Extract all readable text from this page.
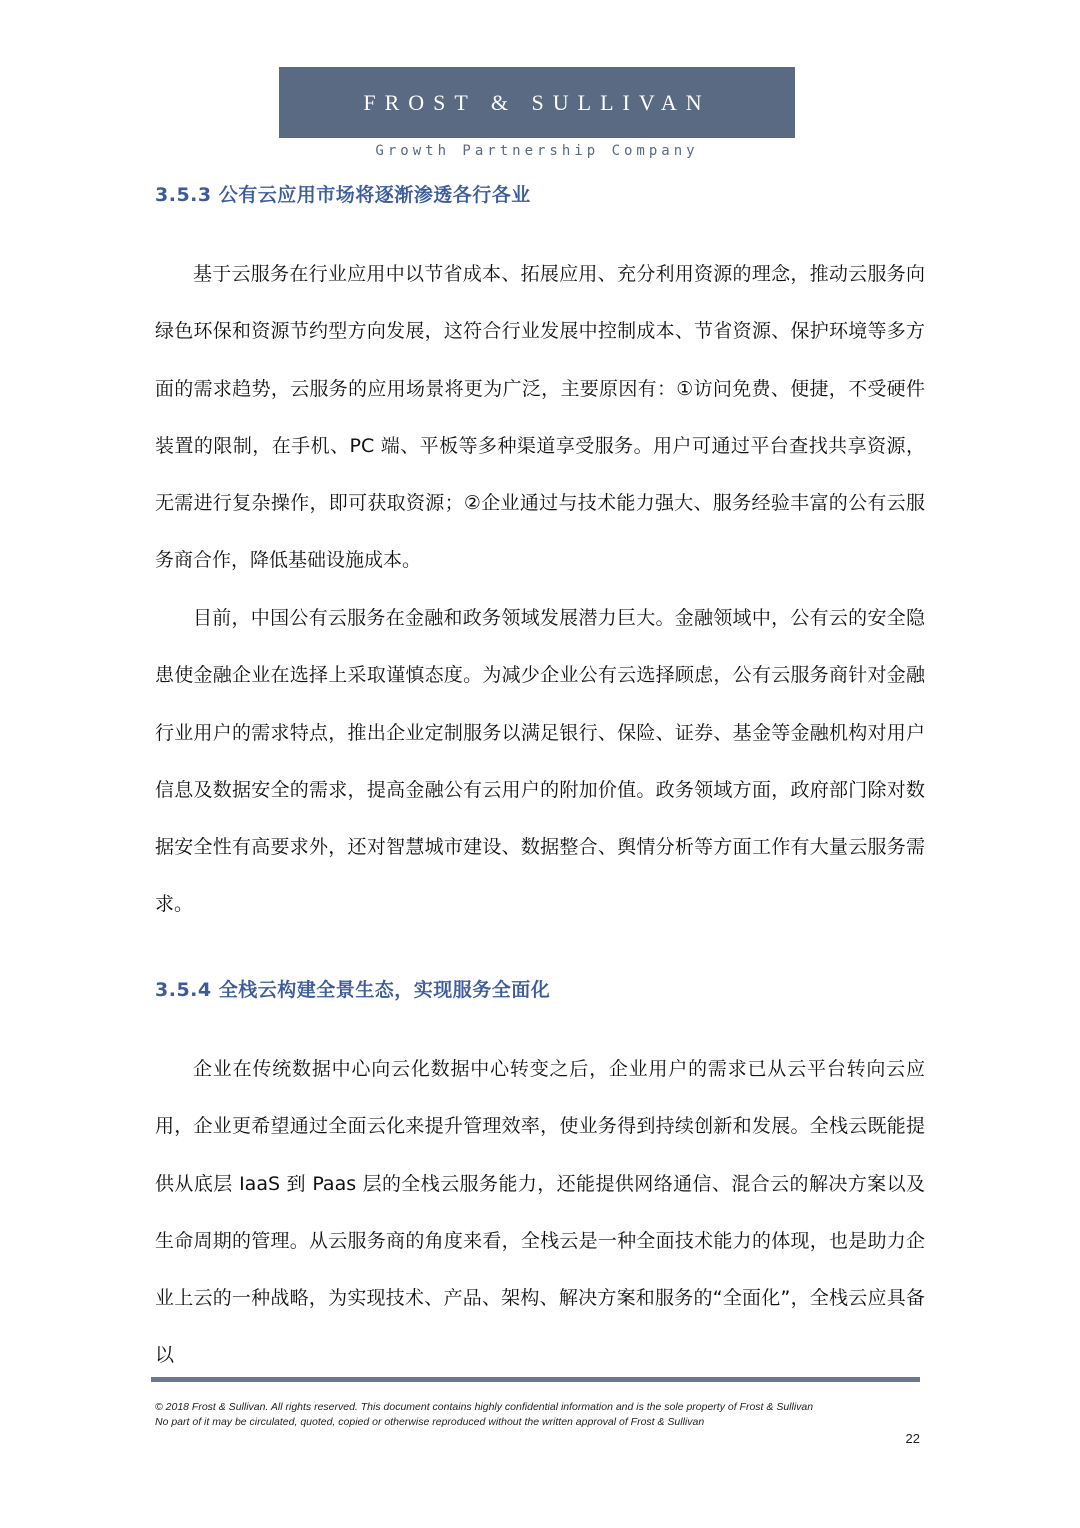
FROST & SULLIVAN
Growth Partnership Company
3.5.3 公有云应用市场将逐渐渗透各行各业

基于云服务在行业应用中以节省成本、拓展应用、充分利用资源的理念，推动云服务向绿色环保和资源节约型方向发展，这符合行业发展中控制成本、节省资源、保护环境等多方面的需求趋势，云服务的应用场景将更为广泛，主要原因有：①访问免费、便捷，不受硬件装置的限制，在手机、PC 端、平板等多种渠道享受服务。用户可通过平台查找共享资源，无需进行复杂操作，即可获取资源；②企业通过与技术能力强大、服务经验丰富的公有云服务商合作，降低基础设施成本。

目前，中国公有云服务在金融和政务领域发展潜力巨大。金融领域中，公有云的安全隐患使金融企业在选择上采取谨慎态度。为减少企业公有云选择顾虑，公有云服务商针对金融行业用户的需求特点，推出企业定制服务以满足银行、保险、证券、基金等金融机构对用户信息及数据安全的需求，提高金融公有云用户的附加价值。政务领域方面，政府部门除对数据安全性有高要求外，还对智慧城市建设、数据整合、舆情分析等方面工作有大量云服务需求。

3.5.4 全栈云构建全景生态，实现服务全面化

企业在传统数据中心向云化数据中心转变之后，企业用户的需求已从云平台转向云应用，企业更希望通过全面云化来提升管理效率，使业务得到持续创新和发展。全栈云既能提供从底层 IaaS 到 Paas 层的全栈云服务能力，还能提供网络通信、混合云的解决方案以及生命周期的管理。从云服务商的角度来看，全栈云是一种全面技术能力的体现，也是助力企业上云的一种战略，为实现技术、产品、架构、解决方案和服务的“全面化”，全栈云应具备以

© 2018 Frost & Sullivan. All rights reserved. This document contains highly confidential information and is the sole property of Frost & Sullivan
No part of it may be circulated, quoted, copied or otherwise reproduced without the written approval of Frost & Sullivan
22
